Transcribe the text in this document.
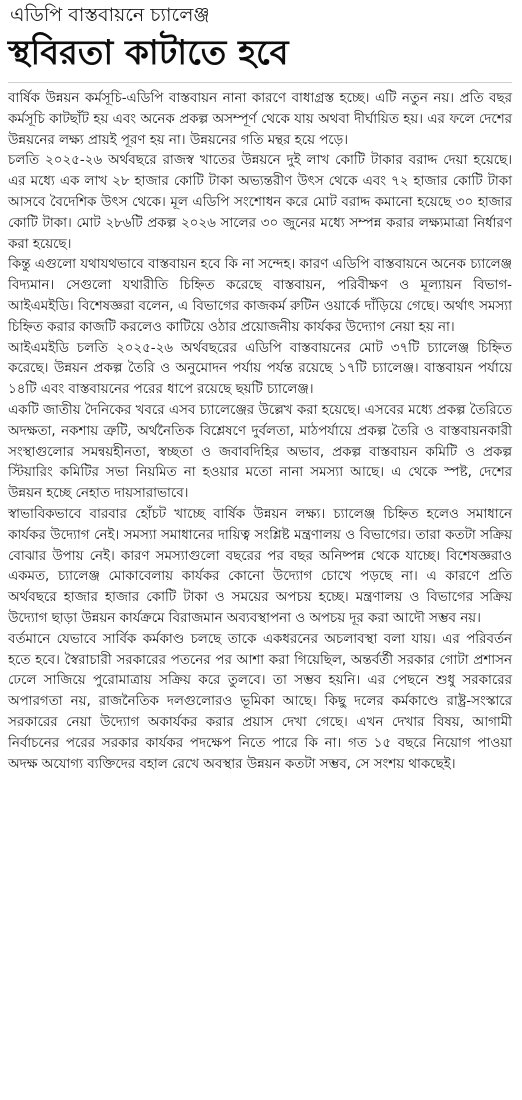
এডিপি বাস্তবায়নে চ্যালেঞ্জ
স্থবিরতা কাটাতে হবে

বার্ষিক উন্নয়ন কর্মসূচি-এডিপি বাস্তবায়ন নানা কারণে বাধাগ্রস্ত হচ্ছে। এটি নতুন নয়। প্রতি বছর কর্মসূচি কাটছাঁট হয় এবং অনেক প্রকল্প অসম্পূর্ণ থেকে যায় অথবা দীর্ঘায়িত হয়। এর ফলে দেশের উন্নয়নের লক্ষ্য প্রায়ই পূরণ হয় না। উন্নয়নের গতি মন্থর হয়ে পড়ে।

চলতি ২০২৫-২৬ অর্থবছরে রাজস্ব খাতের উন্নয়নে দুই লাখ কোটি টাকার বরাদ্দ দেয়া হয়েছে। এর মধ্যে এক লাখ ২৮ হাজার কোটি টাকা অভ্যন্তরীণ উৎস থেকে এবং ৭২ হাজার কোটি টাকা আসবে বৈদেশিক উৎস থেকে। মূল এডিপি সংশোধন করে মোট বরাদ্দ কমানো হয়েছে ৩০ হাজার কোটি টাকা। মোট ২৮৬টি প্রকল্প ২০২৬ সালের ৩০ জুনের মধ্যে সম্পন্ন করার লক্ষ্যমাত্রা নির্ধারণ করা হয়েছে।

কিন্তু এগুলো যথাযথভাবে বাস্তবায়ন হবে কি না সন্দেহ। কারণ এডিপি বাস্তবায়নে অনেক চ্যালেঞ্জ বিদ্যমান। সেগুলো যথারীতি চিহ্নিত করেছে বাস্তবায়ন, পরিবীক্ষণ ও মূল্যায়ন বিভাগ-আইএমইডি। বিশেষজ্ঞরা বলেন, এ বিভাগের কাজকর্ম রুটিন ওয়ার্কে দাঁড়িয়ে গেছে। অর্থাৎ সমস্যা চিহ্নিত করার কাজটি করলেও কাটিয়ে ওঠার প্রয়োজনীয় কার্যকর উদ্যোগ নেয়া হয় না।

আইএমইডি চলতি ২০২৫-২৬ অর্থবছরের এডিপি বাস্তবায়নের মোট ৩৭টি চ্যালেঞ্জ চিহ্নিত করেছে। উন্নয়ন প্রকল্প তৈরি ও অনুমোদন পর্যায় পর্যন্ত রয়েছে ১৭টি চ্যালেঞ্জ। বাস্তবায়ন পর্যায়ে ১৪টি এবং বাস্তবায়নের পরের ধাপে রয়েছে ছয়টি চ্যালেঞ্জ।

একটি জাতীয় দৈনিকের খবরে এসব চ্যালেঞ্জের উল্লেখ করা হয়েছে। এসবের মধ্যে প্রকল্প তৈরিতে অদক্ষতা, নকশায় ত্রুটি, অর্থনৈতিক বিশ্লেষণে দুর্বলতা, মাঠপর্যায়ে প্রকল্প তৈরি ও বাস্তবায়নকারী সংস্থাগুলোর সমন্বয়হীনতা, স্বচ্ছতা ও জবাবদিহির অভাব, প্রকল্প বাস্তবায়ন কমিটি ও প্রকল্প স্টিয়ারিং কমিটির সভা নিয়মিত না হওয়ার মতো নানা সমস্যা আছে। এ থেকে স্পষ্ট, দেশের উন্নয়ন হচ্ছে নেহাত দায়সারাভাবে।

স্বাভাবিকভাবে বারবার হোঁচট খাচ্ছে বার্ষিক উন্নয়ন লক্ষ্য। চ্যালেঞ্জ চিহ্নিত হলেও সমাধানে কার্যকর উদ্যোগ নেই। সমস্যা সমাধানের দায়িত্ব সংশ্লিষ্ট মন্ত্রণালয় ও বিভাগের। তারা কতটা সক্রিয় বোঝার উপায় নেই। কারণ সমস্যাগুলো বছরের পর বছর অনিষ্পন্ন থেকে যাচ্ছে। বিশেষজ্ঞরাও একমত, চ্যালেঞ্জ মোকাবেলায় কার্যকর কোনো উদ্যোগ চোখে পড়ছে না। এ কারণে প্রতি অর্থবছরে হাজার হাজার কোটি টাকা ও সময়ের অপচয় হচ্ছে। মন্ত্রণালয় ও বিভাগের সক্রিয় উদ্যোগ ছাড়া উন্নয়ন কার্যক্রমে বিরাজমান অব্যবস্থাপনা ও অপচয় দূর করা আদৌ সম্ভব নয়।

বর্তমানে যেভাবে সার্বিক কর্মকাণ্ড চলছে তাকে একধরনের অচলাবস্থা বলা যায়। এর পরিবর্তন হতে হবে। স্বৈরাচারী সরকারের পতনের পর আশা করা গিয়েছিল, অন্তর্বর্তী সরকার গোটা প্রশাসন ঢেলে সাজিয়ে পুরোমাত্রায় সক্রিয় করে তুলবে। তা সম্ভব হয়নি। এর পেছনে শুধু সরকারের অপারগতা নয়, রাজনৈতিক দলগুলোরও ভূমিকা আছে। কিছু দলের কর্মকাণ্ডে রাষ্ট্র-সংস্কারে সরকারের নেয়া উদ্যোগ অকার্যকর করার প্রয়াস দেখা গেছে। এখন দেখার বিষয়, আগামী নির্বাচনের পরের সরকার কার্যকর পদক্ষেপ নিতে পারে কি না। গত ১৫ বছরে নিয়োগ পাওয়া অদক্ষ অযোগ্য ব্যক্তিদের বহাল রেখে অবস্থার উন্নয়ন কতটা সম্ভব, সে সংশয় থাকছেই।
